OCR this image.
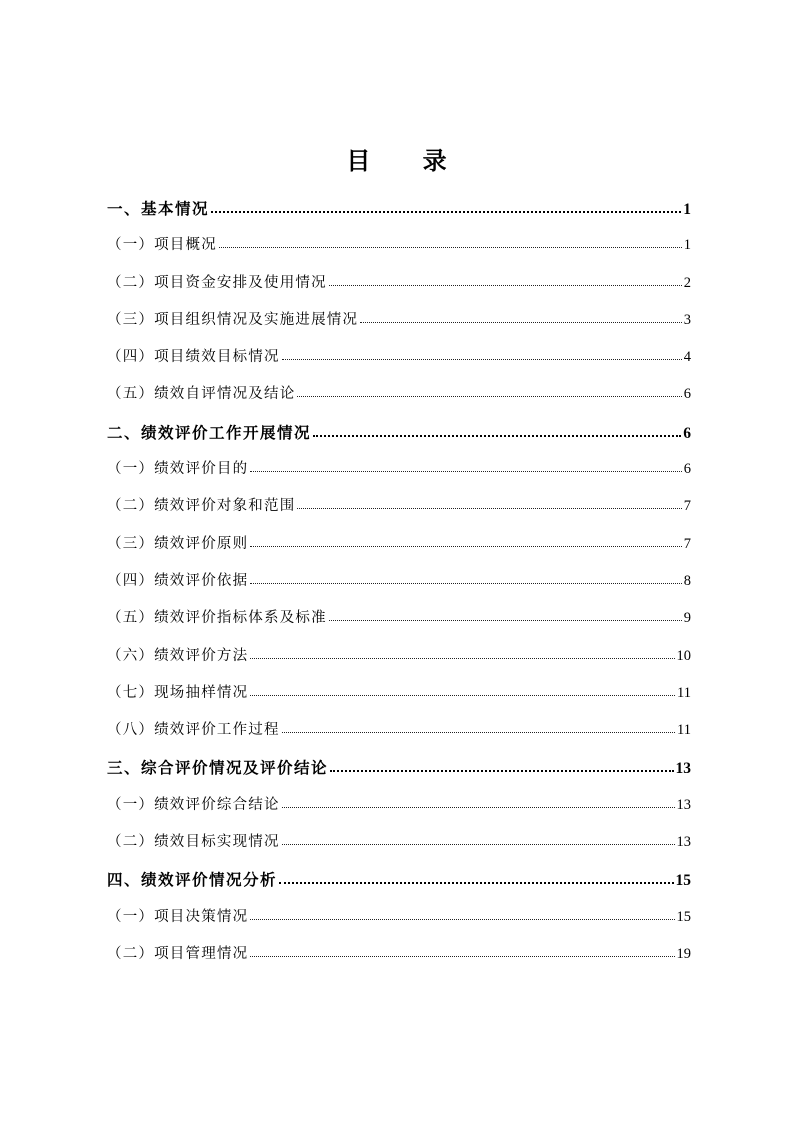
目 录
一、基本情况	1
（一）项目概况	1
（二）项目资金安排及使用情况	2
（三）项目组织情况及实施进展情况	3
（四）项目绩效目标情况	4
（五）绩效自评情况及结论	6
二、绩效评价工作开展情况	6
（一）绩效评价目的	6
（二）绩效评价对象和范围	7
（三）绩效评价原则	7
（四）绩效评价依据	8
（五）绩效评价指标体系及标准	9
（六）绩效评价方法	10
（七）现场抽样情况	11
（八）绩效评价工作过程	11
三、综合评价情况及评价结论	13
（一）绩效评价综合结论	13
（二）绩效目标实现情况	13
四、绩效评价情况分析	15
（一）项目决策情况	15
（二）项目管理情况	19
